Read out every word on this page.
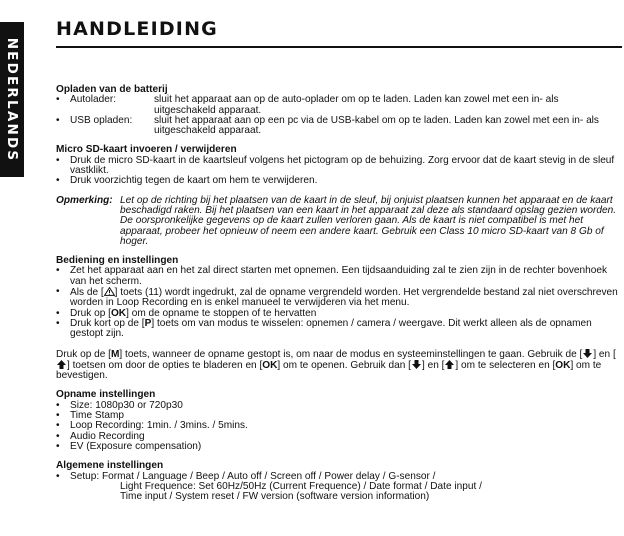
NEDERLANDS
HANDLEIDING

Opladen van de batterij

•	Autolader:	sluit het apparaat aan op de auto-oplader om op te laden. Laden kan zowel met een in- als uitgeschakeld apparaat.
•	USB opladen:	sluit het apparaat aan op een pc via de USB-kabel om op te laden. Laden kan zowel met een in- als uitgeschakeld apparaat.

Micro SD-kaart invoeren / verwijderen

•	Druk de micro SD-kaart in de kaartsleuf volgens het pictogram op de behuizing. Zorg ervoor dat de kaart stevig in de sleuf vastklikt.
•	Druk voorzichtig tegen de kaart om hem te verwijderen.
Opmerking: Let op de richting bij het plaatsen van de kaart in de sleuf, bij onjuist plaatsen kunnen het apparaat en de kaart beschadigd raken. Bij het plaatsen van een kaart in het apparaat zal deze als standaard opslag gezien worden. De oorspronkelijke gegevens op de kaart zullen verloren gaan. Als de kaart is niet compatibel is met het apparaat, probeer het opnieuw of neem een andere kaart. Gebruik een Class 10 micro SD-kaart van 8 Gb of hoger.

Bediening en instellingen

•	Zet het apparaat aan en het zal direct starten met opnemen. Een tijdsaanduiding zal te zien zijn in de rechter bovenhoek van het scherm.
•	Als de [ ] toets (11) wordt ingedrukt, zal de opname vergrendeld worden. Het vergrendelde bestand zal niet overschreven worden in Loop Recording en is enkel manueel te verwijderen via het menu.
•	Druk op [OK] om de opname te stoppen of te hervatten
•	Druk kort op de [P] toets om van modus te wisselen: opnemen / camera / weergave. Dit werkt alleen als de opnamen gestopt zijn.

Druk op de [M] toets, wanneer de opname gestopt is, om naar de modus en systeeminstellingen te gaan. Gebruik de [ ] en [
] toetsen om door de opties te bladeren en [OK] om te openen. Gebruik dan [ ] en [ ] om te selecteren en [OK] om te bevestigen.

Opname instellingen

•	Size: 1080p30 or 720p30
•	Time Stamp
•	Loop Recording: 1min. / 3mins. / 5mins.
•	Audio Recording
•	EV (Exposure compensation)

Algemene instellingen

•	Setup: Format / Language / Beep / Auto off / Screen off / Power delay / G-sensor /
Light Frequence: Set 60Hz/50Hz (Current Frequence) / Date format / Date input /
Time input / System reset / FW version (software version information)
